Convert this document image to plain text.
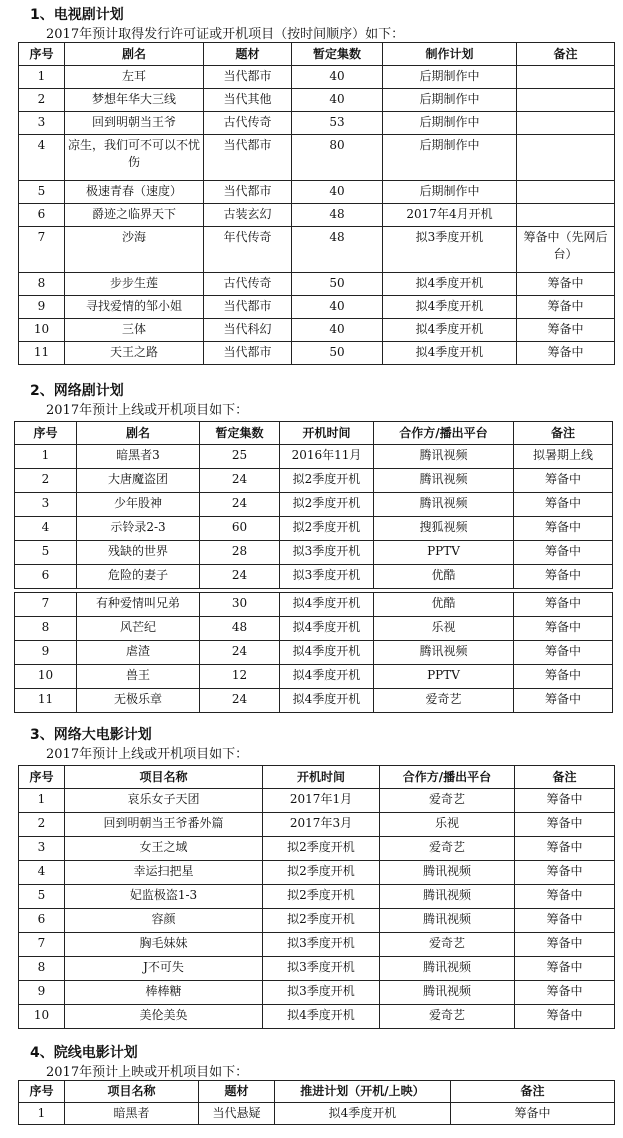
1、电视剧计划
2017年预计取得发行许可证或开机项目（按时间顺序）如下：
序号	剧名	题材	暂定集数	制作计划	备注
1	左耳	当代都市	40	后期制作中	
2	梦想年华大三线	当代其他	40	后期制作中	
3	回到明朝当王爷	古代传奇	53	后期制作中	
4	凉生，我们可不可以不忧伤	当代都市	80	后期制作中	
5	极速青春（速度）	当代都市	40	后期制作中	
6	爵迹之临界天下	古装玄幻	48	2017年4月开机	
7	沙海	年代传奇	48	拟3季度开机	筹备中（先网后台）
8	步步生莲	古代传奇	50	拟4季度开机	筹备中
9	寻找爱情的邹小姐	当代都市	40	拟4季度开机	筹备中
10	三体	当代科幻	40	拟4季度开机	筹备中
11	天王之路	当代都市	50	拟4季度开机	筹备中
2、网络剧计划
2017年预计上线或开机项目如下：
序号	剧名	暂定集数	开机时间	合作方/播出平台	备注
1	暗黑者3	25	2016年11月	腾讯视频	拟暑期上线
2	大唐魔盗团	24	拟2季度开机	腾讯视频	筹备中
3	少年股神	24	拟2季度开机	腾讯视频	筹备中
4	示铃录2-3	60	拟2季度开机	搜狐视频	筹备中
5	残缺的世界	28	拟3季度开机	PPTV	筹备中
6	危险的妻子	24	拟3季度开机	优酷	筹备中
7	有种爱情叫兄弟	30	拟4季度开机	优酷	筹备中
8	风芒纪	48	拟4季度开机	乐视	筹备中
9	虐渣	24	拟4季度开机	腾讯视频	筹备中
10	兽王	12	拟4季度开机	PPTV	筹备中
11	无极乐章	24	拟4季度开机	爱奇艺	筹备中
3、网络大电影计划
2017年预计上线或开机项目如下：
序号	项目名称	开机时间	合作方/播出平台	备注
1	哀乐女子天团	2017年1月	爱奇艺	筹备中
2	回到明朝当王爷番外篇	2017年3月	乐视	筹备中
3	女王之域	拟2季度开机	爱奇艺	筹备中
4	幸运扫把星	拟2季度开机	腾讯视频	筹备中
5	妃监极盗1-3	拟2季度开机	腾讯视频	筹备中
6	容颜	拟2季度开机	腾讯视频	筹备中
7	胸毛妹妹	拟3季度开机	爱奇艺	筹备中
8	J不可失	拟3季度开机	腾讯视频	筹备中
9	棒棒糖	拟3季度开机	腾讯视频	筹备中
10	美伦美奂	拟4季度开机	爱奇艺	筹备中
4、院线电影计划
2017年预计上映或开机项目如下：
序号	项目名称	题材	推进计划（开机/上映）	备注
1	暗黑者	当代悬疑	拟4季度开机	筹备中
